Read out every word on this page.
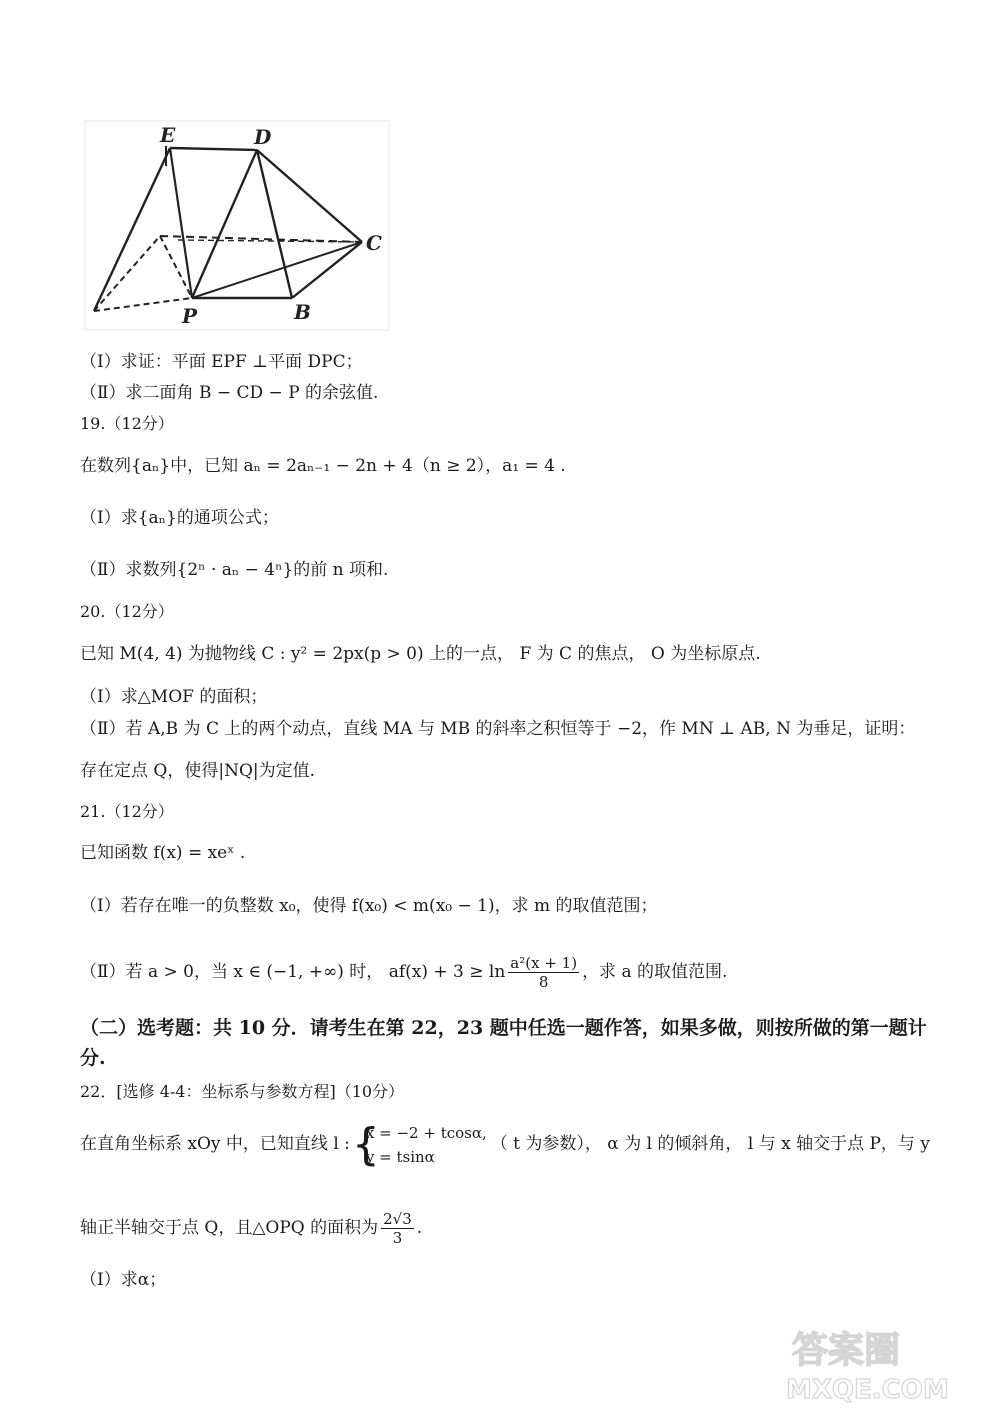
E	D
C
P	B
（Ⅰ）求证：平面 EPF ⊥平面 DPC；
（Ⅱ）求二面角 B − CD − P 的余弦值.
19.（12分）
在数列{aₙ}中，已知 aₙ = 2aₙ₋₁ − 2n + 4（n ≥ 2），a₁ = 4 .
（Ⅰ）求{aₙ}的通项公式；
（Ⅱ）求数列{2ⁿ · aₙ − 4ⁿ}的前 n 项和.
20.（12分）
已知 M(4, 4) 为抛物线 C : y² = 2px(p > 0) 上的一点， F 为 C 的焦点， O 为坐标原点.
（Ⅰ）求△MOF 的面积；
（Ⅱ）若 A,B 为 C 上的两个动点，直线 MA 与 MB 的斜率之积恒等于 −2，作 MN ⊥ AB, N 为垂足，证明：
存在定点 Q，使得|NQ|为定值.
21.（12分）
已知函数 f(x) = xeˣ .
（Ⅰ）若存在唯一的负整数 x₀，使得 f(x₀) < m(x₀ − 1)，求 m 的取值范围；
（Ⅱ）若 a > 0，当 x ∈ (−1, +∞) 时， $af(x) + 3 \ge \ln \frac{\text{a²(x + 1)}}{8}$ ，求 a 的取值范围.
（二）选考题：共 10 分．请考生在第 22，23 题中任选一题作答，如果多做，则按所做的第一题计分.
22．[选修 4-4：坐标系与参数方程]（10分）
在直角坐标系 xOy 中，已知直线 l :
{ x = −2 + tcosα,
y = tsinα
（ t 为参数）， α 为 l 的倾斜角， l 与 x 轴交于点 P，与 y
轴正半轴交于点 Q，且△OPQ 的面积为 $\frac{2√3}{3}$ .
（Ⅰ）求α；
答案圈
MXQE.COM
